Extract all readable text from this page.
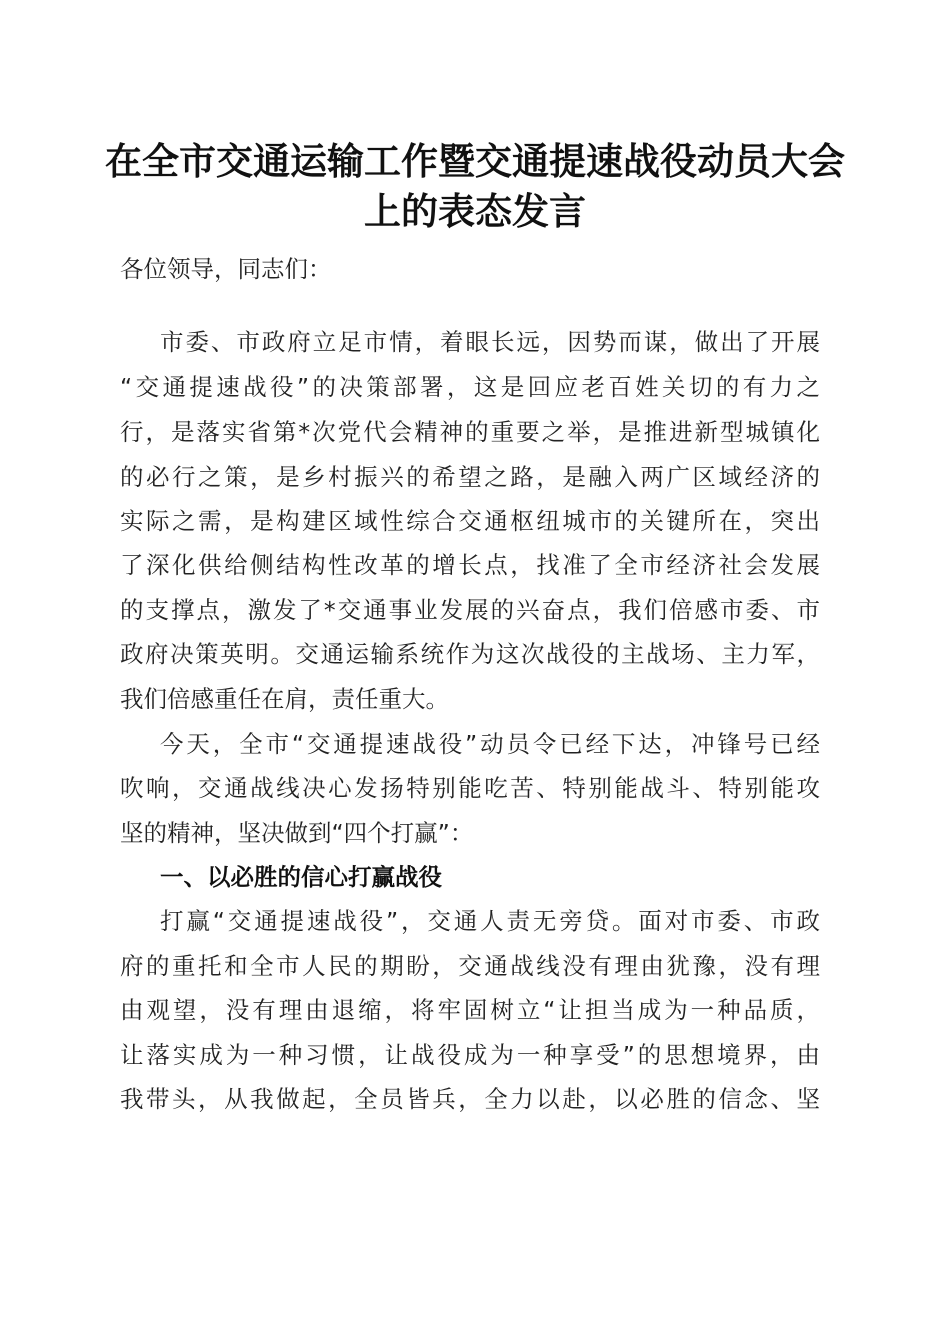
在全市交通运输工作暨交通提速战役动员大会
上的表态发言
各位领导，同志们：
市委、市政府立足市情，着眼长远，因势而谋，做出了开展
“交通提速战役”的决策部署，这是回应老百姓关切的有力之
行，是落实省第*次党代会精神的重要之举，是推进新型城镇化
的必行之策，是乡村振兴的希望之路，是融入两广区域经济的
实际之需，是构建区域性综合交通枢纽城市的关键所在，突出
了深化供给侧结构性改革的增长点，找准了全市经济社会发展
的支撑点，激发了*交通事业发展的兴奋点，我们倍感市委、市
政府决策英明。交通运输系统作为这次战役的主战场、主力军，
我们倍感重任在肩，责任重大。
今天，全市“交通提速战役”动员令已经下达，冲锋号已经
吹响，交通战线决心发扬特别能吃苦、特别能战斗、特别能攻
坚的精神，坚决做到“四个打赢”：
一、以必胜的信心打赢战役
打赢“交通提速战役”，交通人责无旁贷。面对市委、市政
府的重托和全市人民的期盼，交通战线没有理由犹豫，没有理
由观望，没有理由退缩，将牢固树立“让担当成为一种品质，
让落实成为一种习惯，让战役成为一种享受”的思想境界，由
我带头，从我做起，全员皆兵，全力以赴，以必胜的信念、坚
